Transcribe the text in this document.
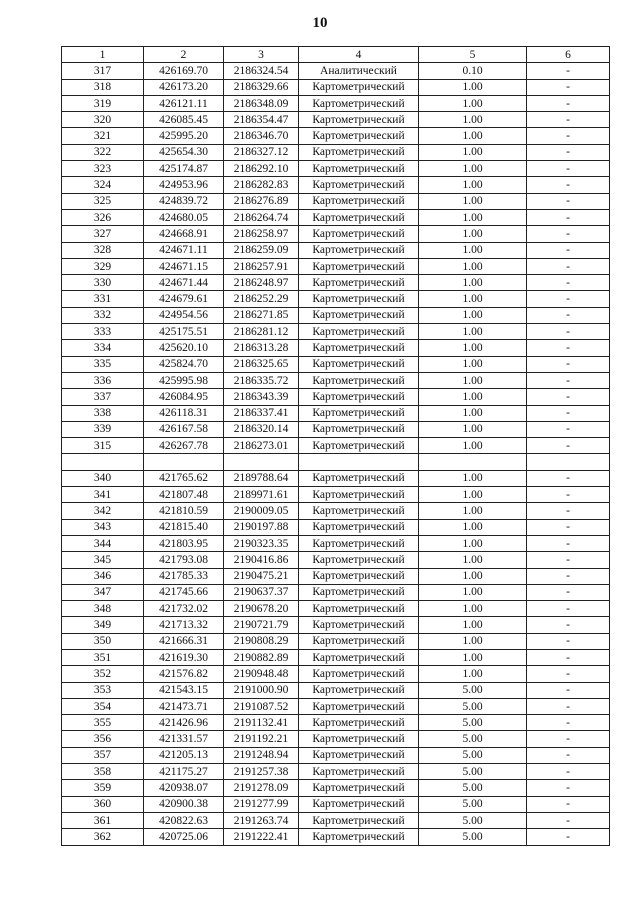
10
1	2	3	4	5	6
317	426169.70	2186324.54	Аналитический	0.10	-
318	426173.20	2186329.66	Картометрический	1.00	-
319	426121.11	2186348.09	Картометрический	1.00	-
320	426085.45	2186354.47	Картометрический	1.00	-
321	425995.20	2186346.70	Картометрический	1.00	-
322	425654.30	2186327.12	Картометрический	1.00	-
323	425174.87	2186292.10	Картометрический	1.00	-
324	424953.96	2186282.83	Картометрический	1.00	-
325	424839.72	2186276.89	Картометрический	1.00	-
326	424680.05	2186264.74	Картометрический	1.00	-
327	424668.91	2186258.97	Картометрический	1.00	-
328	424671.11	2186259.09	Картометрический	1.00	-
329	424671.15	2186257.91	Картометрический	1.00	-
330	424671.44	2186248.97	Картометрический	1.00	-
331	424679.61	2186252.29	Картометрический	1.00	-
332	424954.56	2186271.85	Картометрический	1.00	-
333	425175.51	2186281.12	Картометрический	1.00	-
334	425620.10	2186313.28	Картометрический	1.00	-
335	425824.70	2186325.65	Картометрический	1.00	-
336	425995.98	2186335.72	Картометрический	1.00	-
337	426084.95	2186343.39	Картометрический	1.00	-
338	426118.31	2186337.41	Картометрический	1.00	-
339	426167.58	2186320.14	Картометрический	1.00	-
315	426267.78	2186273.01	Картометрический	1.00	-

340	421765.62	2189788.64	Картометрический	1.00	-
341	421807.48	2189971.61	Картометрический	1.00	-
342	421810.59	2190009.05	Картометрический	1.00	-
343	421815.40	2190197.88	Картометрический	1.00	-
344	421803.95	2190323.35	Картометрический	1.00	-
345	421793.08	2190416.86	Картометрический	1.00	-
346	421785.33	2190475.21	Картометрический	1.00	-
347	421745.66	2190637.37	Картометрический	1.00	-
348	421732.02	2190678.20	Картометрический	1.00	-
349	421713.32	2190721.79	Картометрический	1.00	-
350	421666.31	2190808.29	Картометрический	1.00	-
351	421619.30	2190882.89	Картометрический	1.00	-
352	421576.82	2190948.48	Картометрический	1.00	-
353	421543.15	2191000.90	Картометрический	5.00	-
354	421473.71	2191087.52	Картометрический	5.00	-
355	421426.96	2191132.41	Картометрический	5.00	-
356	421331.57	2191192.21	Картометрический	5.00	-
357	421205.13	2191248.94	Картометрический	5.00	-
358	421175.27	2191257.38	Картометрический	5.00	-
359	420938.07	2191278.09	Картометрический	5.00	-
360	420900.38	2191277.99	Картометрический	5.00	-
361	420822.63	2191263.74	Картометрический	5.00	-
362	420725.06	2191222.41	Картометрический	5.00	-
